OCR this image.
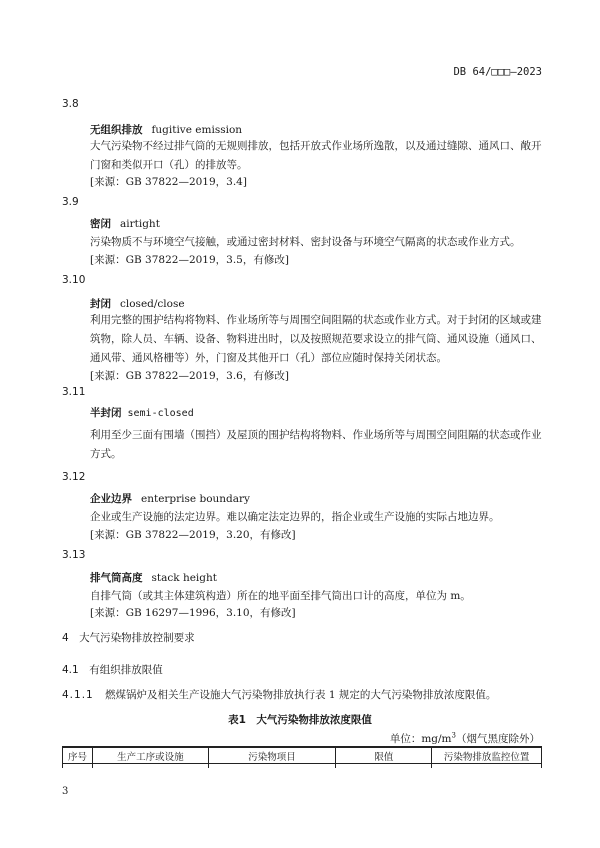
DB 64/□□□—2023
3.8
无组织排放 fugitive emission
大气污染物不经过排气筒的无规则排放，包括开放式作业场所逸散，以及通过缝隙、通风口、敞开门窗和类似开口（孔）的排放等。
[来源：GB 37822—2019，3.4]
3.9
密闭 airtight
污染物质不与环境空气接触，或通过密封材料、密封设备与环境空气隔离的状态或作业方式。
[来源：GB 37822—2019，3.5，有修改]
3.10
封闭 closed/close
利用完整的围护结构将物料、作业场所等与周围空间阻隔的状态或作业方式。对于封闭的区域或建筑物，除人员、车辆、设备、物料进出时，以及按照规范要求设立的排气筒、通风设施（通风口、通风带、通风格栅等）外，门窗及其他开口（孔）部位应随时保持关闭状态。
[来源：GB 37822—2019，3.6，有修改]
3.11
半封闭 semi-closed
利用至少三面有围墙（围挡）及屋顶的围护结构将物料、作业场所等与周围空间阻隔的状态或作业方式。
3.12
企业边界 enterprise boundary
企业或生产设施的法定边界。难以确定法定边界的，指企业或生产设施的实际占地边界。
[来源：GB 37822—2019，3.20，有修改]
3.13
排气筒高度 stack height
自排气筒（或其主体建筑构造）所在的地平面至排气筒出口计的高度，单位为 m。
[来源：GB 16297—1996，3.10，有修改]
4　大气污染物排放控制要求
4.1　有组织排放限值
4.1.1 燃煤锅炉及相关生产设施大气污染物排放执行表 1 规定的大气污染物排放浓度限值。
表1　大气污染物排放浓度限值
单位：$mg/m^3$（烟气黑度除外）
序号	生产工序或设施	污染物项目	限值	污染物排放监控位置

3
